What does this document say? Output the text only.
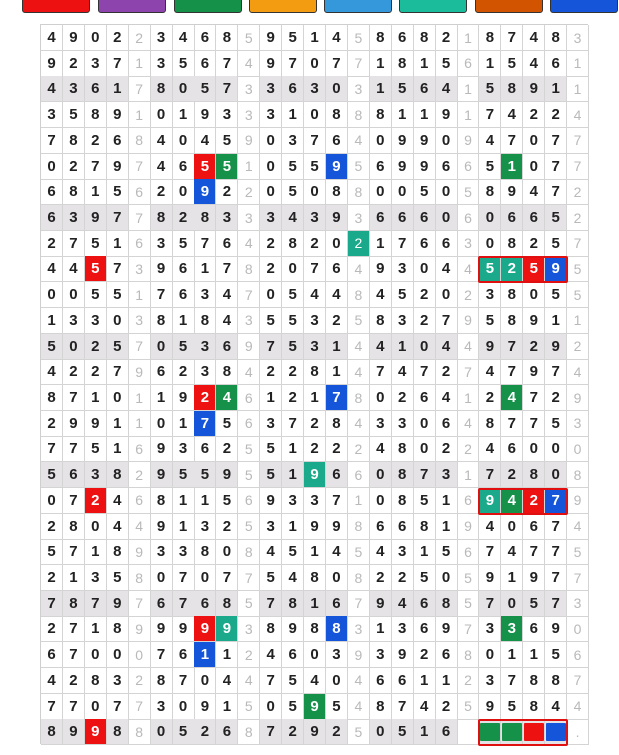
4 9 0 2 2 3 4 6 8 5 9 5 1 4 5 8 6 8 2 1 8 7 4 8 3
9 2 3 7 1 3 5 6 7 4 9 7 0 7 7 1 8 1 5 6 1 5 4 6 1
4 3 6 1 7 8 0 5 7 3 3 6 3 0 3 1 5 6 4 1 5 8 9 1 1
3 5 8 9 1 0 1 9 3 3 3 1 0 8 8 8 1 1 9 1 7 4 2 2 4
7 8 2 6 8 4 0 4 5 9 0 3 7 6 4 0 9 9 0 9 4 7 0 7 7
0 2 7 9 7 4 6 5 5 1 0 5 5 9 5 6 9 9 6 6 5 1 0 7 7
6 8 1 5 6 2 0 9 2 2 0 5 0 8 8 0 0 5 0 5 8 9 4 7 2
6 3 9 7 7 8 2 8 3 3 3 4 3 9 3 6 6 6 0 6 0 6 6 5 2
2 7 5 1 6 3 5 7 6 4 2 8 2 0 2 1 7 6 6 3 0 8 2 5 7
4 4 5 7 3 9 6 1 7 8 2 0 7 6 4 9 3 0 4 4 5 2 5 9 5
0 0 5 5 1 7 6 3 4 7 0 5 4 4 8 4 5 2 0 2 3 8 0 5 5
1 3 3 0 3 8 1 8 4 3 5 5 3 2 5 8 3 2 7 9 5 8 9 1 1
5 0 2 5 7 0 5 3 6 9 7 5 3 1 4 4 1 0 4 4 9 7 2 9 2
4 2 2 7 9 6 2 3 8 4 2 2 8 1 4 7 4 7 2 7 4 7 9 7 4
8 7 1 0 1 1 9 2 4 6 1 2 1 7 8 0 2 6 4 1 2 4 7 2 9
2 9 9 1 1 0 1 7 5 6 3 7 2 8 4 3 3 0 6 4 8 7 7 5 3
7 7 5 1 6 9 3 6 2 5 5 1 2 2 2 4 8 0 2 2 4 6 0 0 0
5 6 3 8 2 9 5 5 9 5 5 1 9 6 6 0 8 7 3 1 7 2 8 0 8
0 7 2 4 6 8 1 1 5 6 9 3 3 7 1 0 8 5 1 6 9 4 2 7 9
2 8 0 4 4 9 1 3 2 5 3 1 9 9 8 6 6 8 1 9 4 0 6 7 4
5 7 1 8 9 3 3 8 0 8 4 5 1 4 5 4 3 1 5 6 7 4 7 7 5
2 1 3 5 8 0 7 0 7 7 5 4 8 0 8 2 2 5 0 5 9 1 9 7 7
7 8 7 9 7 6 7 6 8 5 7 8 1 6 7 9 4 6 8 5 7 0 5 7 3
2 7 1 8 9 9 9 9 9 3 8 9 8 8 3 1 3 6 9 7 3 3 6 9 0
6 7 0 0 0 7 6 1 1 2 4 6 0 3 9 3 9 2 6 8 0 1 1 5 6
4 2 8 3 2 8 7 0 4 4 7 5 4 0 4 6 6 1 1 2 3 7 8 8 7
7 7 0 7 7 3 0 9 1 5 0 5 9 5 4 8 7 4 2 5 9 5 8 4 4
8 9 9 8 8 0 5 2 6 8 7 2 9 2 5 0 5 1 6	.
